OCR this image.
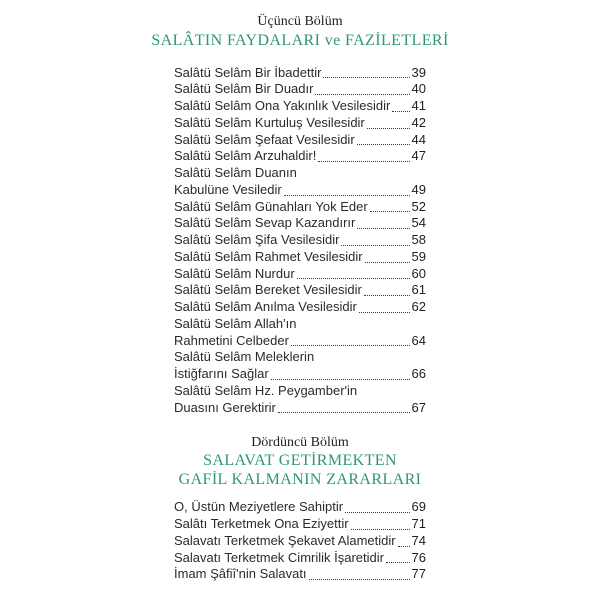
Üçüncü Bölüm
SALÂTIN FAYDALARI ve FAZİLETLERİ
Salâtü Selâm Bir İbadettir	39
Salâtü Selâm Bir Duadır	40
Salâtü Selâm Ona Yakınlık Vesilesidir 41
Salâtü Selâm Kurtuluş Vesilesidir	42
Salâtü Selâm Şefaat Vesilesidir	44
Salâtü Selâm Arzuhaldir!	47
Salâtü Selâm Duanın
Kabulüne Vesiledir	49
Salâtü Selâm Günahları Yok Eder	52
Salâtü Selâm Sevap Kazandırır	54
Salâtü Selâm Şifa Vesilesidir	58
Salâtü Selâm Rahmet Vesilesidir	59
Salâtü Selâm Nurdur	60
Salâtü Selâm Bereket Vesilesidir	61
Salâtü Selâm Anılma Vesilesidir	62
Salâtü Selâm Allah'ın
Rahmetini Celbeder	64
Salâtü Selâm Meleklerin
İstiğfarını Sağlar	66
Salâtü Selâm Hz. Peygamber'in
Duasını Gerektirir	67
Dördüncü Bölüm
SALAVAT GETİRMEKTEN
GAFİL KALMANIN ZARARLARI
O, Üstün Meziyetlere Sahiptir	69
Salâtı Terketmek Ona Eziyettir	71
Salavatı Terketmek Şekavet Alametidir 74
Salavatı Terketmek Cimrilik İşaretidir 76
İmam Şâfiî'nin Salavatı	77
